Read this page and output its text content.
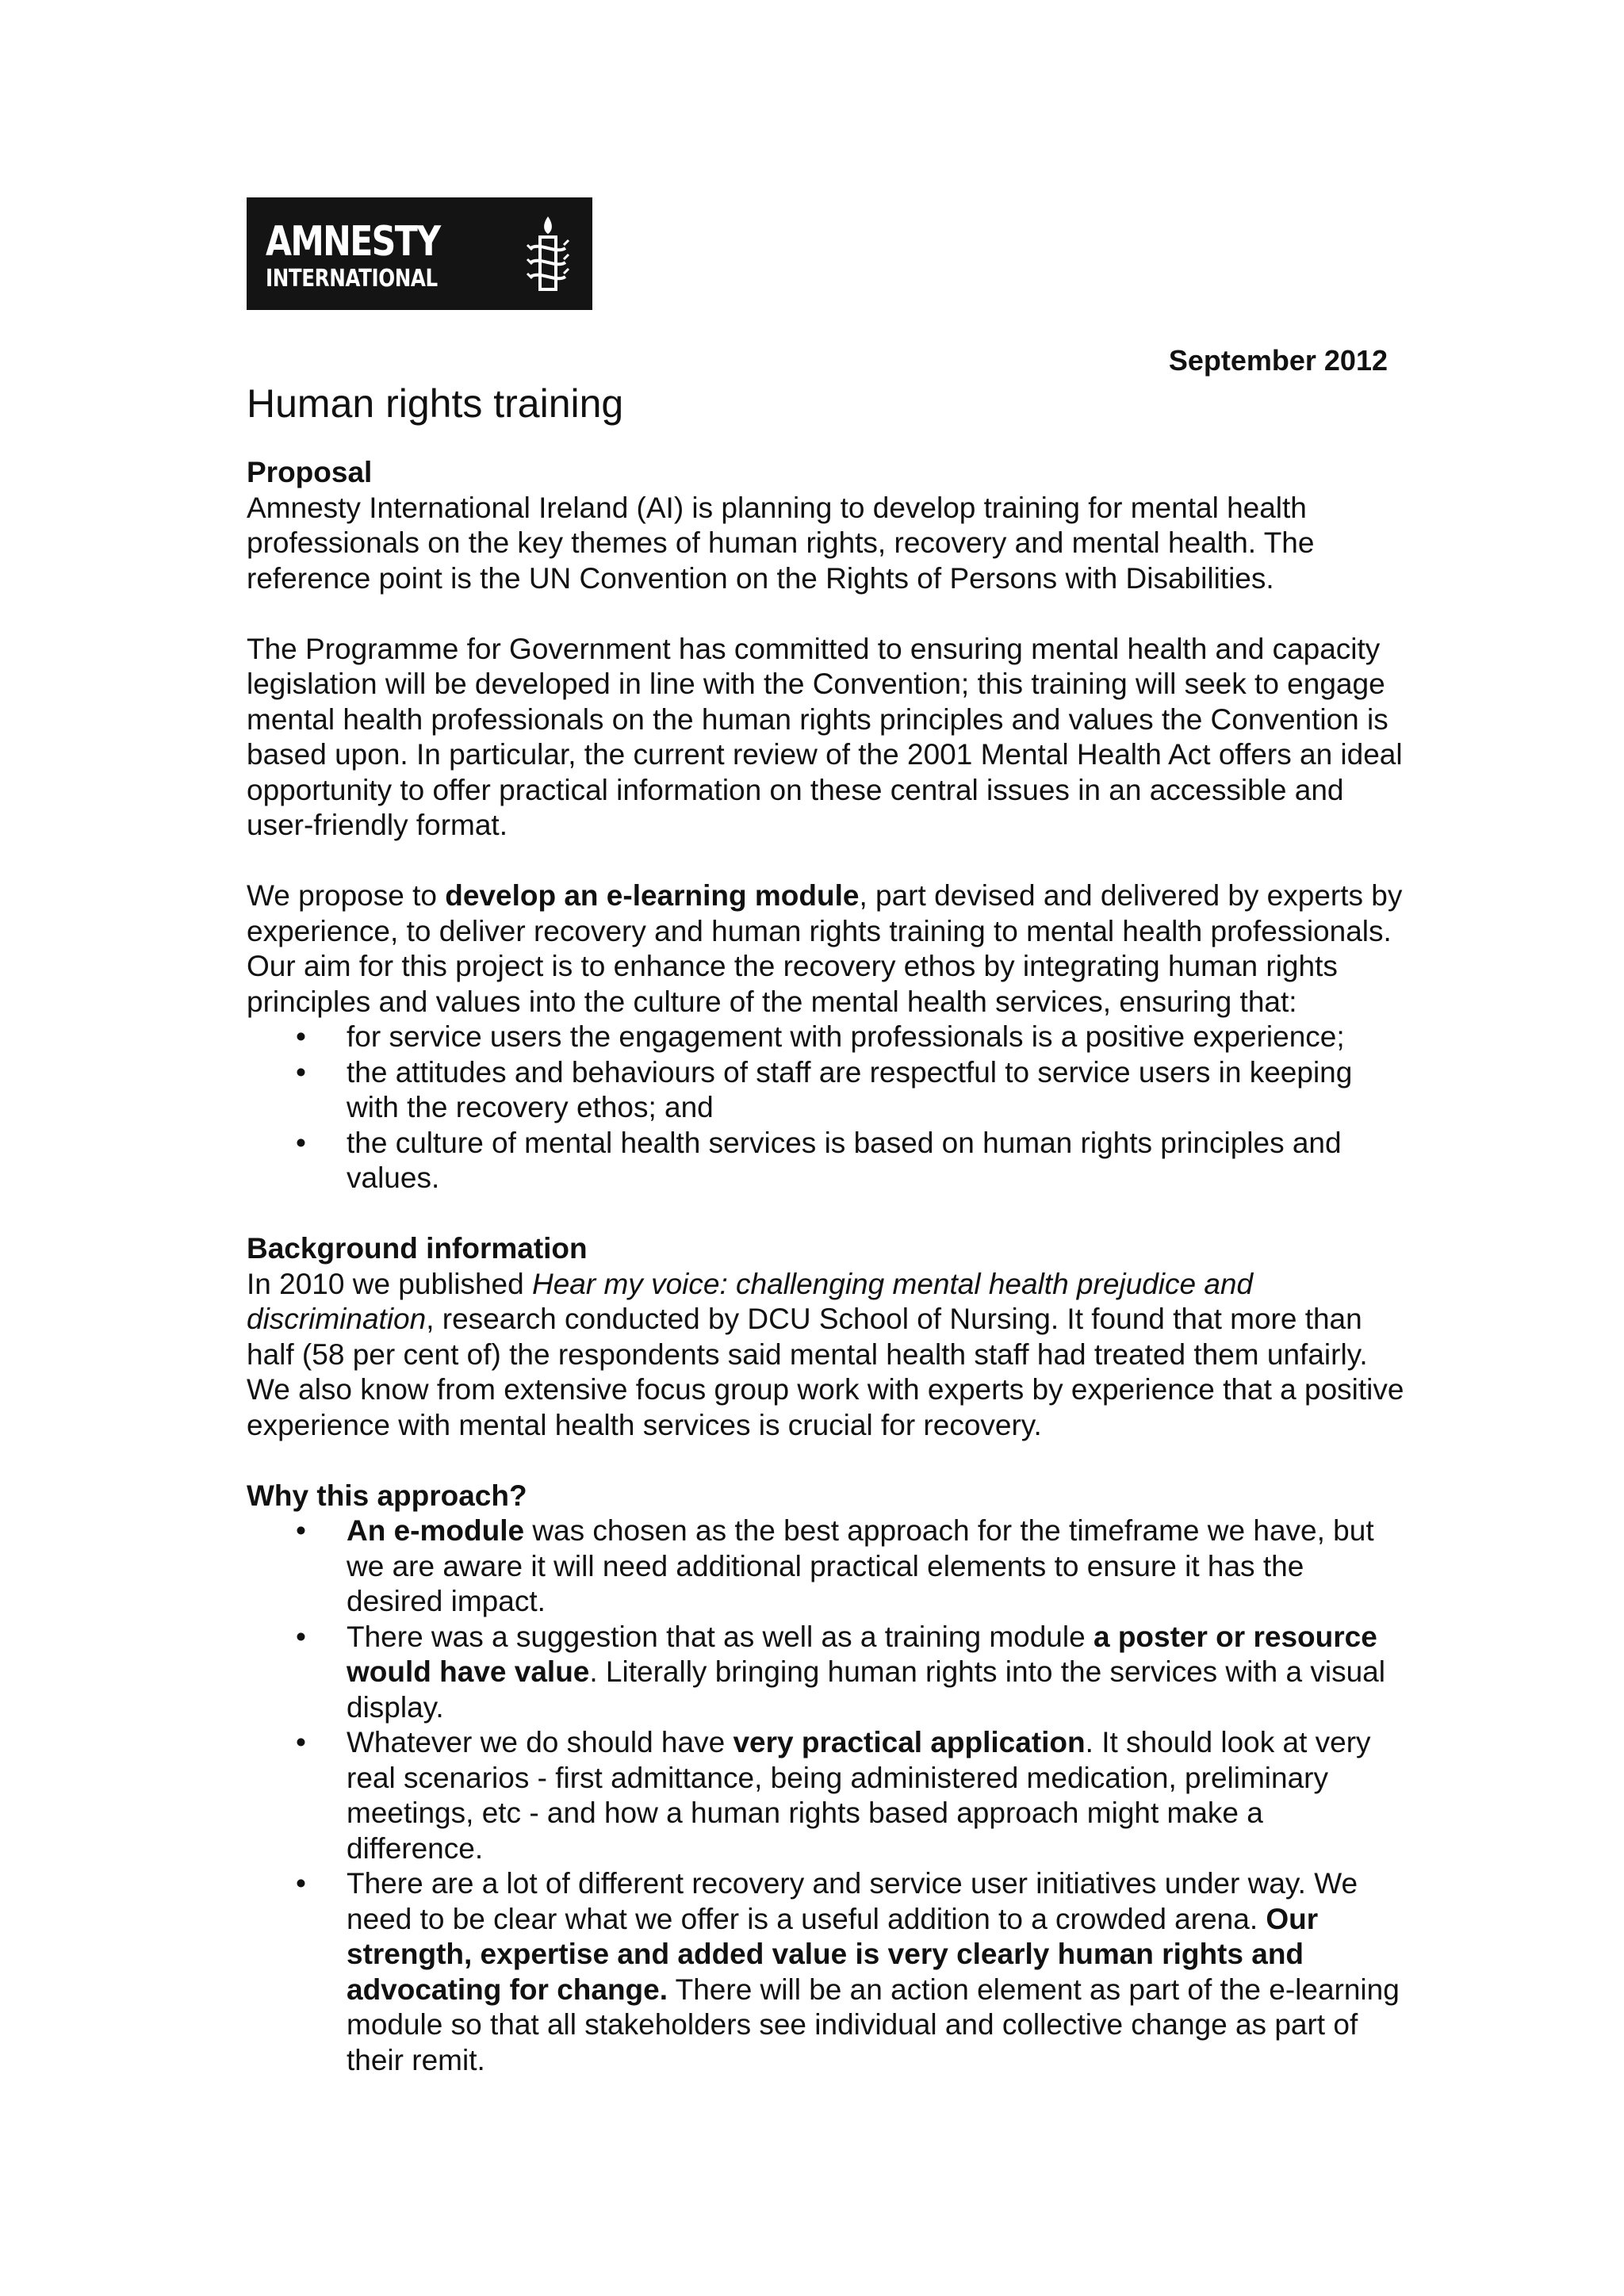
AMNESTY
INTERNATIONAL
September 2012
Human rights training

Proposal

Amnesty International Ireland (AI) is planning to develop training for mental health professionals on the key themes of human rights, recovery and mental health. The reference point is the UN Convention on the Rights of Persons with Disabilities.

The Programme for Government has committed to ensuring mental health and capacity legislation will be developed in line with the Convention; this training will seek to engage mental health professionals on the human rights principles and values the Convention is based upon. In particular, the current review of the 2001 Mental Health Act offers an ideal opportunity to offer practical information on these central issues in an accessible and user-friendly format.

We propose to develop an e-learning module, part devised and delivered by experts by experience, to deliver recovery and human rights training to mental health professionals. Our aim for this project is to enhance the recovery ethos by integrating human rights principles and values into the culture of the mental health services, ensuring that:

• for service users the engagement with professionals is a positive experience;
• the attitudes and behaviours of staff are respectful to service users in keeping with the recovery ethos; and
• the culture of mental health services is based on human rights principles and values.

Background information

In 2010 we published Hear my voice: challenging mental health prejudice and discrimination, research conducted by DCU School of Nursing. It found that more than half (58 per cent of) the respondents said mental health staff had treated them unfairly. We also know from extensive focus group work with experts by experience that a positive experience with mental health services is crucial for recovery.

Why this approach?

• An e-module was chosen as the best approach for the timeframe we have, but we are aware it will need additional practical elements to ensure it has the desired impact.
• There was a suggestion that as well as a training module a poster or resource would have value. Literally bringing human rights into the services with a visual display.
• Whatever we do should have very practical application. It should look at very real scenarios - first admittance, being administered medication, preliminary meetings, etc - and how a human rights based approach might make a difference.
• There are a lot of different recovery and service user initiatives under way. We need to be clear what we offer is a useful addition to a crowded arena. Our strength, expertise and added value is very clearly human rights and advocating for change. There will be an action element as part of the e-learning module so that all stakeholders see individual and collective change as part of their remit.
